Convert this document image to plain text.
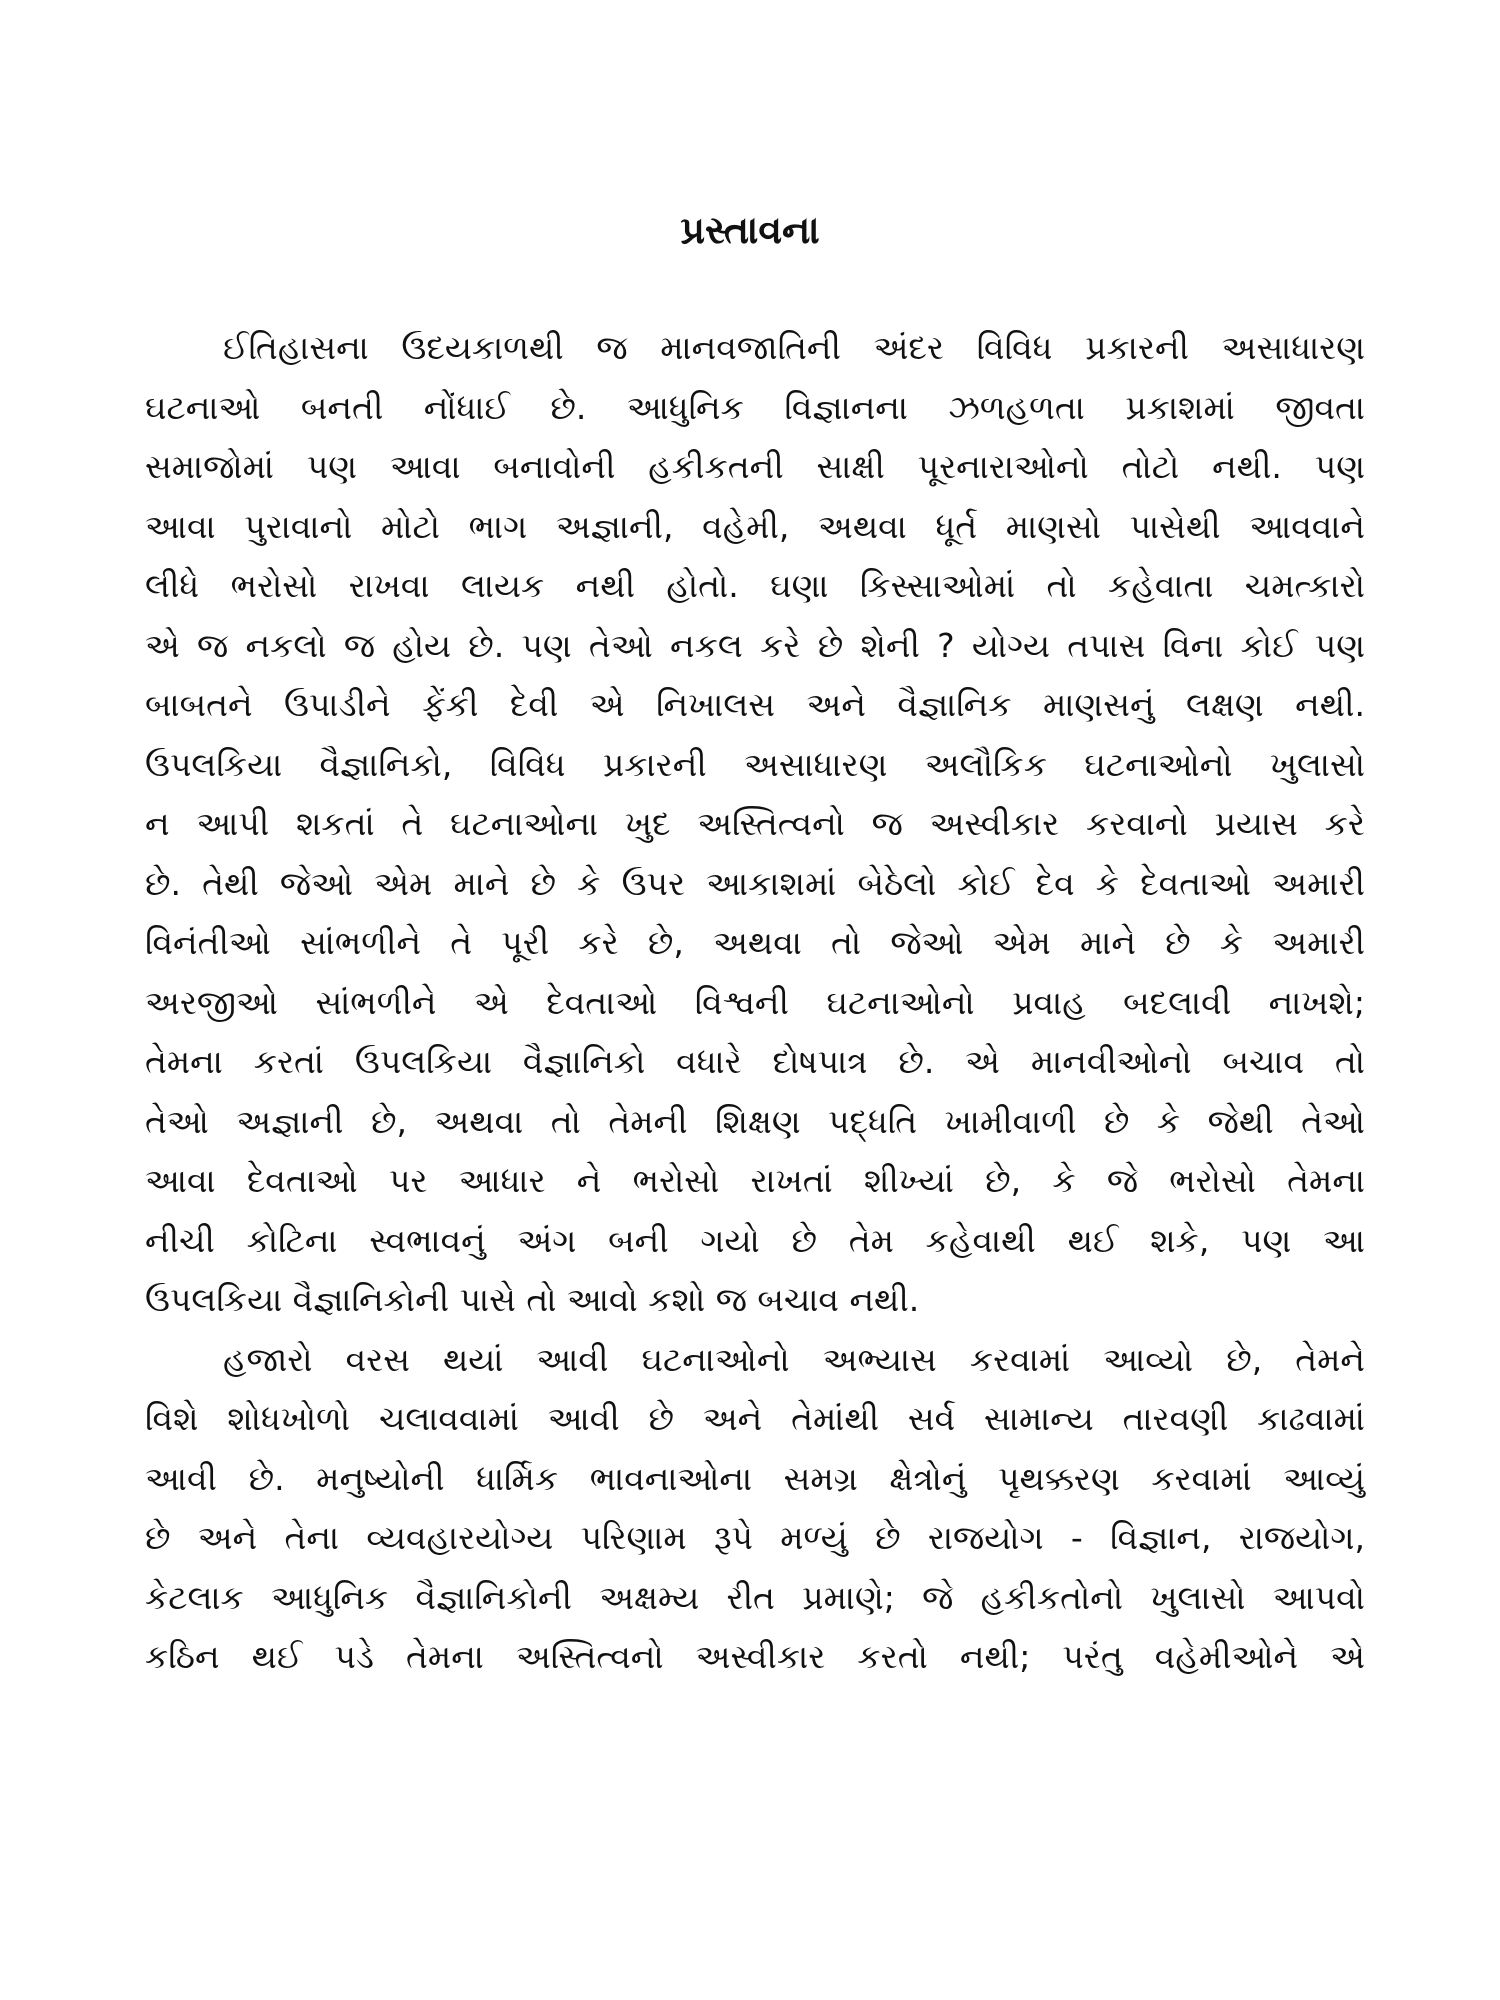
પ્રસ્તાવના

ઈતિહાસના ઉદયકાળથી જ માનવજાતિની અંદર વિવિધ પ્રકારની અસાધારણ
ઘટનાઓ બનતી નોંધાઈ છે. આધુનિક વિજ્ઞાનના ઝળહળતા પ્રકાશમાં જીવતા
સમાજોમાં પણ આવા બનાવોની હકીકતની સાક્ષી પૂરનારાઓનો તોટો નથી. પણ
આવા પુરાવાનો મોટો ભાગ અજ્ઞાની, વહેમી, અથવા ધૂર્ત માણસો પાસેથી આવવાને
લીધે ભરોસો રાખવા લાયક નથી હોતો. ઘણા કિસ્સાઓમાં તો કહેવાતા ચમત્કારો
એ જ નકલો જ હોય છે. પણ તેઓ નકલ કરે છે શેની ? યોગ્ય તપાસ વિના કોઈ પણ
બાબતને ઉપાડીને ફેંકી દેવી એ નિખાલસ અને વૈજ્ઞાનિક માણસનું લક્ષણ નથી.
ઉપલકિયા વૈજ્ઞાનિકો, વિવિધ પ્રકારની અસાધારણ અલૌકિક ઘટનાઓનો ખુલાસો
ન આપી શકતાં તે ઘટનાઓના ખુદ અસ્તિત્વનો જ અસ્વીકાર કરવાનો પ્રયાસ કરે
છે. તેથી જેઓ એમ માને છે કે ઉપર આકાશમાં બેઠેલો કોઈ દેવ કે દેવતાઓ અમારી
વિનંતીઓ સાંભળીને તે પૂરી કરે છે, અથવા તો જેઓ એમ માને છે કે અમારી
અરજીઓ સાંભળીને એ દેવતાઓ વિશ્વની ઘટનાઓનો પ્રવાહ બદલાવી નાખશે;
તેમના કરતાં ઉપલકિયા વૈજ્ઞાનિકો વધારે દોષપાત્ર છે. એ માનવીઓનો બચાવ તો
તેઓ અજ્ઞાની છે, અથવા તો તેમની શિક્ષણ પદ્ધતિ ખામીવાળી છે કે જેથી તેઓ
આવા દેવતાઓ પર આધાર ને ભરોસો રાખતાં શીખ્યાં છે, કે જે ભરોસો તેમના
નીચી કોટિના સ્વભાવનું અંગ બની ગયો છે તેમ કહેવાથી થઈ શકે, પણ આ
ઉપલકિયા વૈજ્ઞાનિકોની પાસે તો આવો કશો જ બચાવ નથી.

હજારો વરસ થયાં આવી ઘટનાઓનો અભ્યાસ કરવામાં આવ્યો છે, તેમને
વિશે શોધખોળો ચલાવવામાં આવી છે અને તેમાંથી સર્વ સામાન્ય તારવણી કાઢવામાં
આવી છે. મનુષ્યોની ધાર્મિક ભાવનાઓના સમગ્ર ક્ષેત્રોનું પૃથક્કરણ કરવામાં આવ્યું
છે અને તેના વ્યવહારયોગ્ય પરિણામ રૂપે મળ્યું છે રાજયોગ - વિજ્ઞાન, રાજયોગ,
કેટલાક આધુનિક વૈજ્ઞાનિકોની અક્ષમ્ય રીત પ્રમાણે; જે હકીકતોનો ખુલાસો આપવો
કઠિન થઈ પડે તેમના અસ્તિત્વનો અસ્વીકાર કરતો નથી; પરંતુ વહેમીઓને એ
